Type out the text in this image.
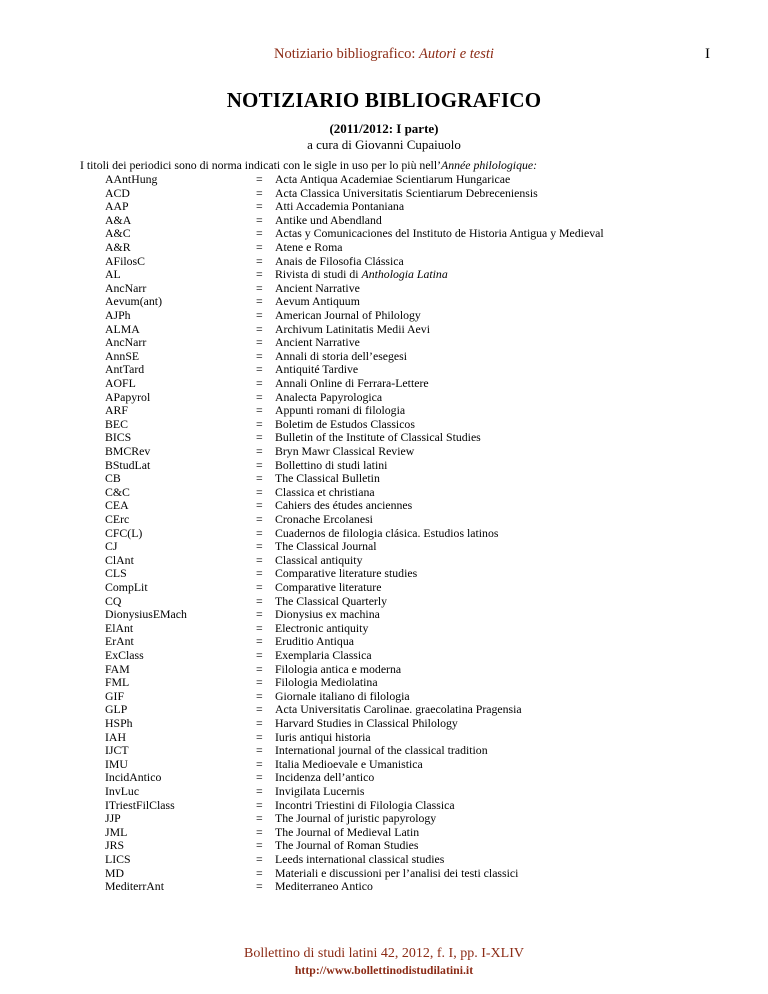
Notiziario bibliografico: Autori e testi	I
NOTIZIARIO BIBLIOGRAFICO
(2011/2012: I parte)
a cura di Giovanni Cupaiuolo
I titoli dei periodici sono di norma indicati con le sigle in uso per lo più nell’Année philologique:
AAntHung	= Acta Antiqua Academiae Scientiarum Hungaricae
ACD	= Acta Classica Universitatis Scientiarum Debreceniensis
AAP	= Atti Accademia Pontaniana
A&A	= Antike und Abendland
A&C	= Actas y Comunicaciones del Instituto de Historia Antigua y Medieval
A&R	= Atene e Roma
AFilosC	= Anais de Filosofia Clássica
AL	= Rivista di studi di Anthologia Latina
AncNarr	= Ancient Narrative
Aevum(ant)	= Aevum Antiquum
AJPh	= American Journal of Philology
ALMA	= Archivum Latinitatis Medii Aevi
AncNarr	= Ancient Narrative
AnnSE	= Annali di storia dell’esegesi
AntTard	= Antiquité Tardive
AOFL	= Annali Online di Ferrara-Lettere
APapyrol	= Analecta Papyrologica
ARF	= Appunti romani di filologia
BEC	= Boletim de Estudos Classicos
BICS	= Bulletin of the Institute of Classical Studies
BMCRev	= Bryn Mawr Classical Review
BStudLat	= Bollettino di studi latini
CB	= The Classical Bulletin
C&C	= Classica et christiana
CEA	= Cahiers des études anciennes
CErc	= Cronache Ercolanesi
CFC(L)	= Cuadernos de filologia clásica. Estudios latinos
CJ	= The Classical Journal
ClAnt	= Classical antiquity
CLS	= Comparative literature studies
CompLit	= Comparative literature
CQ	= The Classical Quarterly
DionysiusEMach	= Dionysius ex machina
ElAnt	= Electronic antiquity
ErAnt	= Eruditio Antiqua
ExClass	= Exemplaria Classica
FAM	= Filologia antica e moderna
FML	= Filologia Mediolatina
GIF	= Giornale italiano di filologia
GLP	= Acta Universitatis Carolinae. graecolatina Pragensia
HSPh	= Harvard Studies in Classical Philology
IAH	= Iuris antiqui historia
IJCT	= International journal of the classical tradition
IMU	= Italia Medioevale e Umanistica
IncidAntico	= Incidenza dell’antico
InvLuc	= Invigilata Lucernis
ITriestFilClass	= Incontri Triestini di Filologia Classica
JJP	= The Journal of juristic papyrology
JML	= The Journal of Medieval Latin
JRS	= The Journal of Roman Studies
LICS	= Leeds international classical studies
MD	= Materiali e discussioni per l’analisi dei testi classici
MediterrAnt	= Mediterraneo Antico
Bollettino di studi latini 42, 2012, f. I, pp. I-XLIV
http://www.bollettinodistudilatini.it
